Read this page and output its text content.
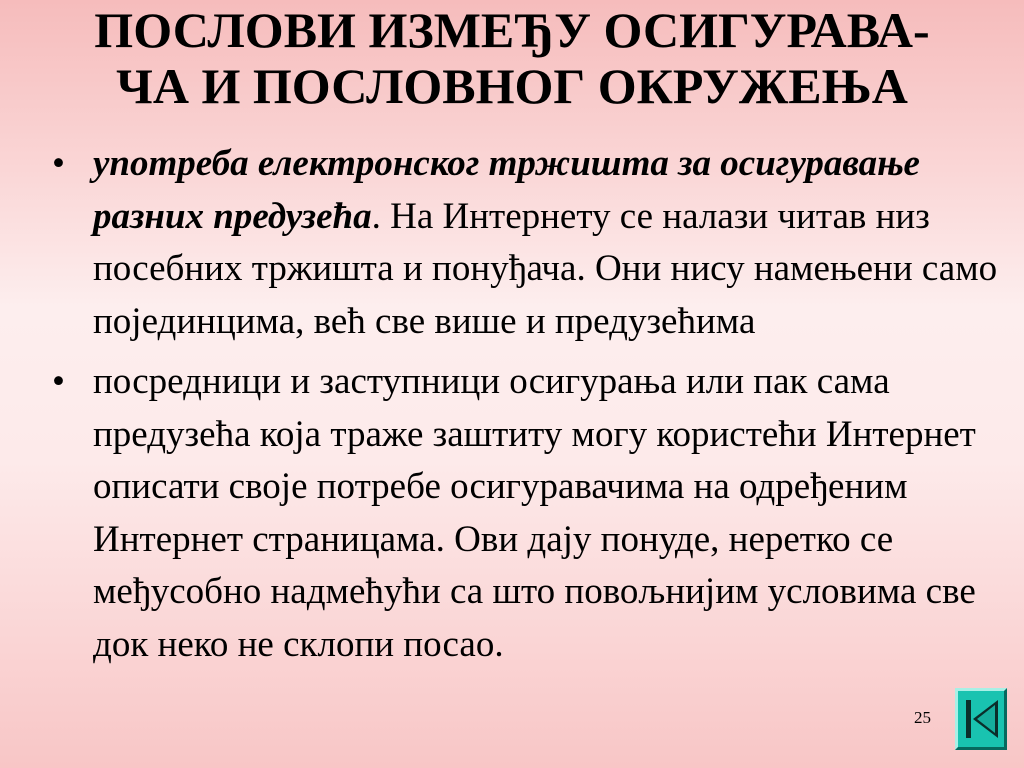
ПОСЛОВИ ИЗМЕЂУ ОСИГУРАВА-
ЧА И ПОСЛОВНОГ ОКРУЖЕЊА
• употреба електронског тржишта за осигуравање разних предузећа. На Интернету се налази читав низ посебних тржишта и понуђача. Они нису намењени само појединцима, већ све више и предузећима
• посредници и заступници осигурања или пак сама предузећа која траже заштиту могу користећи Интернет описати своје потребе осигуравачима на одређеним Интернет страницама. Ови дају понуде, неретко се међусобно надмећући са што повољнијим условима све док неко не склопи посао.
25
